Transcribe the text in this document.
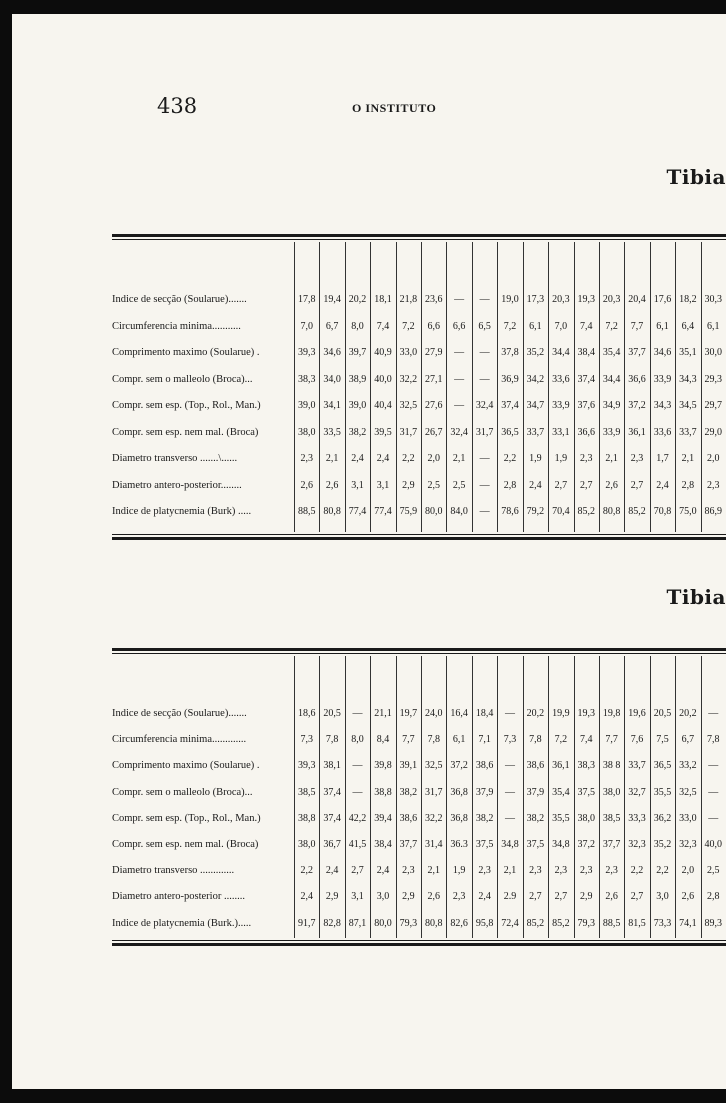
438	O INSTITUTO
Tibia
Indice de secção (Soularue).......	17,8 19,4 20,2 18,1 21,8 23,6	—	—	19,0 17,3 20,3 19,3 20,3 20,4 17,6 18,2 30,3
Circumferencia minima...........	7,0	6,7	8,0	7,4	7,2	6,6	6,6	6,5	7,2	6,1	7,0	7,4	7,2	7,7	6,1	6,4	6,1
Comprimento maximo (Soularue) .	39,3 34,6 39,7 40,9 33,0 27,9	—	—	37,8 35,2 34,4 38,4 35,4 37,7 34,6 35,1 30,0
Compr. sem o malleolo (Broca)...	38,3 34,0 38,9 40,0 32,2 27,1	—	—	36,9 34,2 33,6 37,4 34,4 36,6 33,9 34,3 29,3
Compr. sem esp. (Top., Rol., Man.)	39,0 34,1 39,0 40,4 32,5 27,6	—	32,4 37,4 34,7 33,9 37,6 34,9 37,2 34,3 34,5 29,7
Compr. sem esp. nem mal. (Broca)	38,0 33,5 38,2 39,5 31,7 26,7 32,4 31,7 36,5 33,7 33,1 36,6 33,9 36,1 33,6 33,7 29,0
Diametro transverso .......\......	2,3	2,1	2,4	2,4	2,2	2,0	2,1	—	2,2	1,9	1,9	2,3	2,1	2,3	1,7	2,1	2,0
Diametro antero-posterior........	2,6	2,6	3,1	3,1	2,9	2,5	2,5	—	2,8	2,4	2,7	2,7	2,6	2,7	2,4	2,8	2,3
Indice de platycnemia (Burk) .....	88,5 80,8 77,4 77,4 75,9 80,0 84,0	—	78,6 79,2 70,4 85,2 80,8 85,2 70,8 75,0 86,9
Tibia
Indice de secção (Soularue).......	18,6 20,5	—	21,1 19,7 24,0 16,4 18,4	—	20,2 19,9 19,3 19,8 19,6 20,5 20,2	—
Circumferencia minima.............	7,3	7,8	8,0	8,4	7,7	7,8	6,1	7,1	7,3	7,8	7,2	7,4	7,7	7,6	7,5	6,7	7,8
Comprimento maximo (Soularue) .	39,3 38,1	—	39,8 39,1 32,5 37,2 38,6	—	38,6 36,1 38,3 38 8 33,7 36,5 33,2	—
Compr. sem o malleolo (Broca)...	38,5 37,4	—	38,8 38,2 31,7 36,8 37,9	—	37,9 35,4 37,5 38,0 32,7 35,5 32,5	—
Compr. sem esp. (Top., Rol., Man.)	38,8 37,4 42,2 39,4 38,6 32,2 36,8 38,2	—	38,2 35,5 38,0 38,5 33,3 36,2 33,0	—
Compr. sem esp. nem mal. (Broca)	38,0 36,7 41,5 38,4 37,7 31,4 36.3 37,5 34,8 37,5 34,8 37,2 37,7 32,3 35,2 32,3 40,0
Diametro transverso .............	2,2	2,4	2,7	2,4	2,3	2,1	1,9	2,3	2,1	2,3	2,3	2,3	2,3	2,2	2,2	2,0	2,5
Diametro antero-posterior ........	2,4	2,9	3,1	3,0	2,9	2,6	2,3	2,4	2.9	2,7	2,7	2,9	2,6	2,7	3,0	2,6	2,8
Indice de platycnemia (Burk.).....	91,7 82,8 87,1 80,0 79,3 80,8 82,6 95,8 72,4 85,2 85,2 79,3 88,5 81,5 73,3 74,1 89,3
